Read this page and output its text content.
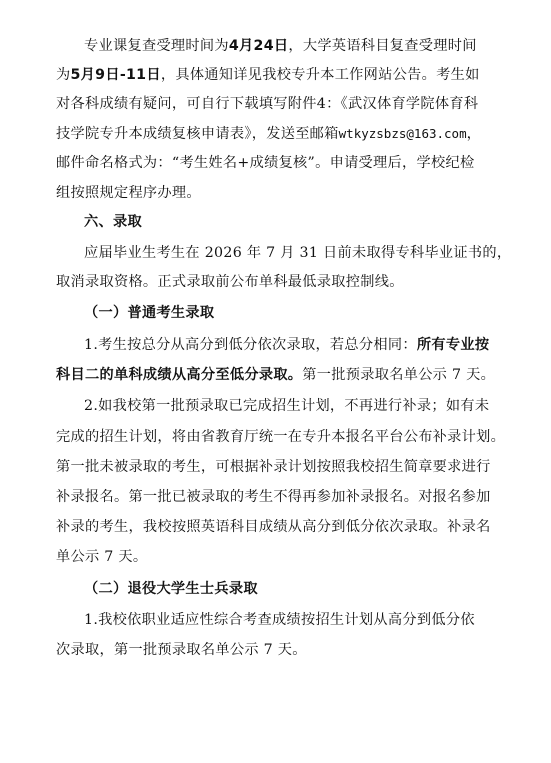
专业课复查受理时间为4月24日，大学英语科目复查受理时间
为5月9日-11日，具体通知详见我校专升本工作网站公告。考生如
对各科成绩有疑问，可自行下载填写附件4：《武汉体育学院体育科
技学院专升本成绩复核申请表》，发送至邮箱wtkyzsbzs@163.com，
邮件命名格式为：“考生姓名+成绩复核”。申请受理后，学校纪检
组按照规定程序办理。
六、录取
应届毕业生考生在 2026 年 7 月 31 日前未取得专科毕业证书的，
取消录取资格。正式录取前公布单科最低录取控制线。
（一）普通考生录取
1.考生按总分从高分到低分依次录取，若总分相同：所有专业按
科目二的单科成绩从高分至低分录取。第一批预录取名单公示 7 天。
2.如我校第一批预录取已完成招生计划，不再进行补录；如有未
完成的招生计划，将由省教育厅统一在专升本报名平台公布补录计划。
第一批未被录取的考生，可根据补录计划按照我校招生简章要求进行
补录报名。第一批已被录取的考生不得再参加补录报名。对报名参加
补录的考生，我校按照英语科目成绩从高分到低分依次录取。补录名
单公示 7 天。
（二）退役大学生士兵录取
1.我校依职业适应性综合考查成绩按招生计划从高分到低分依
次录取，第一批预录取名单公示 7 天。
